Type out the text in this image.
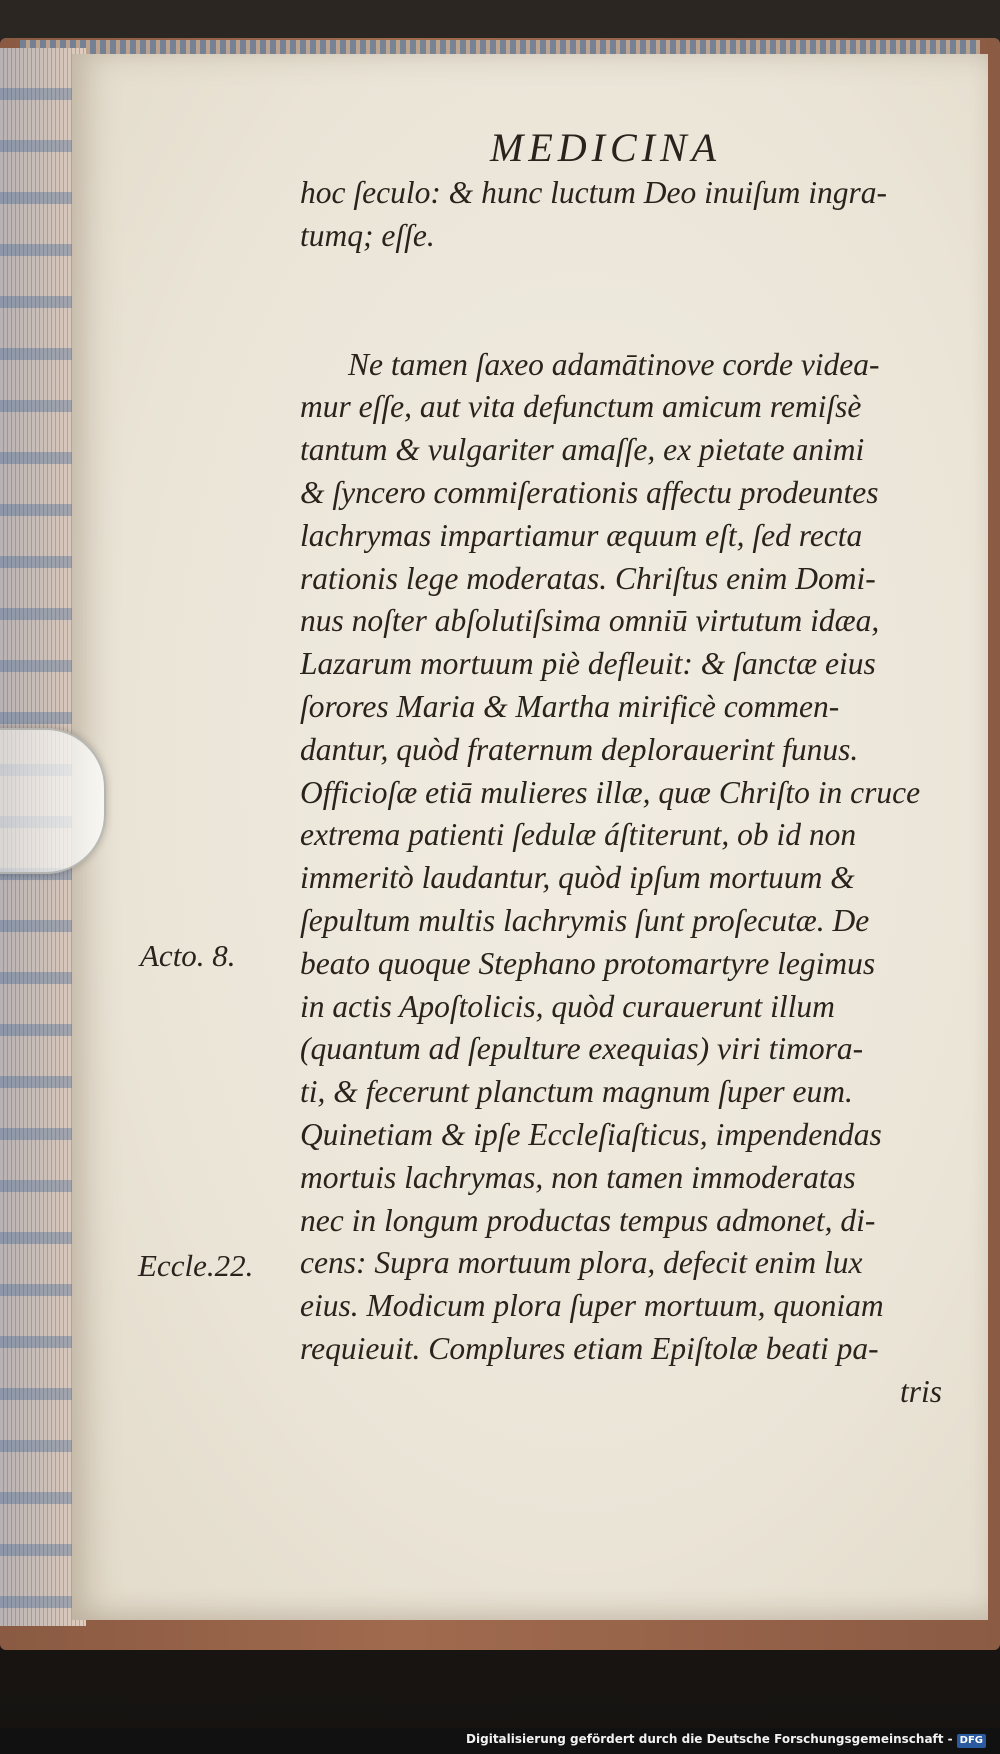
MEDICINA
hoc ſeculo: & hunc luctum Deo inuiſum ingra-
tumq; eſſe.
Ne tamen ſaxeo adamātinove corde videa-
mur eſſe, aut vita defunctum amicum remiſsè
tantum & vulgariter amaſſe, ex pietate animi
& ſyncero commiſerationis affectu prodeuntes
lachrymas impartiamur æquum eſt, ſed recta
rationis lege moderatas. Chriſtus enim Domi-
nus noſter abſolutiſsima omniū virtutum idæa,
Lazarum mortuum piè defleuit: & ſanctæ eius
ſorores Maria & Martha mirificè commen-
dantur, quòd fraternum deplorauerint funus.
Officioſæ etiā mulieres illæ, quæ Chriſto in cruce
extrema patienti ſedulæ áſtiterunt, ob id non
immeritò laudantur, quòd ipſum mortuum &
ſepultum multis lachrymis ſunt proſecutæ. De
beato quoque Stephano protomartyre legimus
in actis Apoſtolicis, quòd curauerunt illum
(quantum ad ſepulture exequias) viri timora-
ti, & fecerunt planctum magnum ſuper eum.
Quinetiam & ipſe Eccleſiaſticus, impendendas
mortuis lachrymas, non tamen immoderatas
nec in longum productas tempus admonet, di-
cens: Supra mortuum plora, defecit enim lux
eius. Modicum plora ſuper mortuum, quoniam
requieuit. Complures etiam Epiſtolæ beati pa-
tris
Acto. 8.
Eccle.22.
Digitalisierung gefördert durch die Deutsche Forschungsgemeinschaft - DFG
